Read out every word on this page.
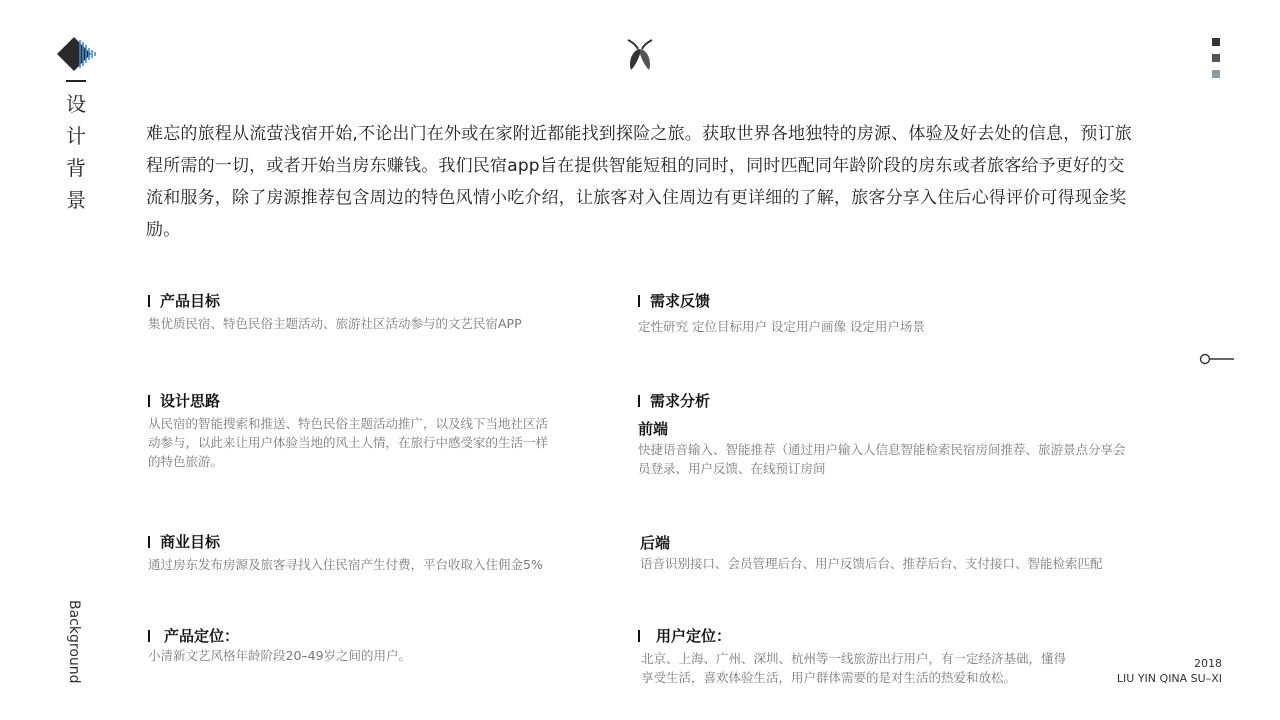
设
计
背
景
Background
难忘的旅程从流萤浅宿开始,不论出门在外或在家附近都能找到探险之旅。获取世界各地独特的房源、体验及好去处的信息，预订旅程所需的一切，或者开始当房东赚钱。我们民宿app旨在提供智能短租的同时，同时匹配同年龄阶段的房东或者旅客给予更好的交流和服务，除了房源推荐包含周边的特色风情小吃介绍，让旅客对入住周边有更详细的了解，旅客分享入住后心得评价可得现金奖励。
产品目标
集优质民宿、特色民俗主题活动、旅游社区活动参与的文艺民宿APP
设计思路
从民宿的智能搜索和推送、特色民俗主题活动推广，以及线下当地社区活动参与，以此来让用户体验当地的风土人情，在旅行中感受家的生活一样的特色旅游。
商业目标
通过房东发布房源及旅客寻找入住民宿产生付费，平台收取入住佣金5%
产品定位：
小清新文艺风格年龄阶段20–49岁之间的用户。
需求反馈
定性研究 定位目标用户 设定用户画像 设定用户场景
需求分析
前端
快捷语音输入、智能推荐（通过用户输入人信息智能检索民宿房间推荐、旅游景点分享会员登录、用户反馈、在线预订房间
后端
语音识别接口、会员管理后台、用户反馈后台、推荐后台、支付接口、智能检索匹配
用户定位：
北京、上海、广州、深圳、杭州等一线旅游出行用户，有一定经济基础，懂得享受生活，喜欢体验生活，用户群体需要的是对生活的热爱和放松。
2018
LIU YIN QINA SU–XI
